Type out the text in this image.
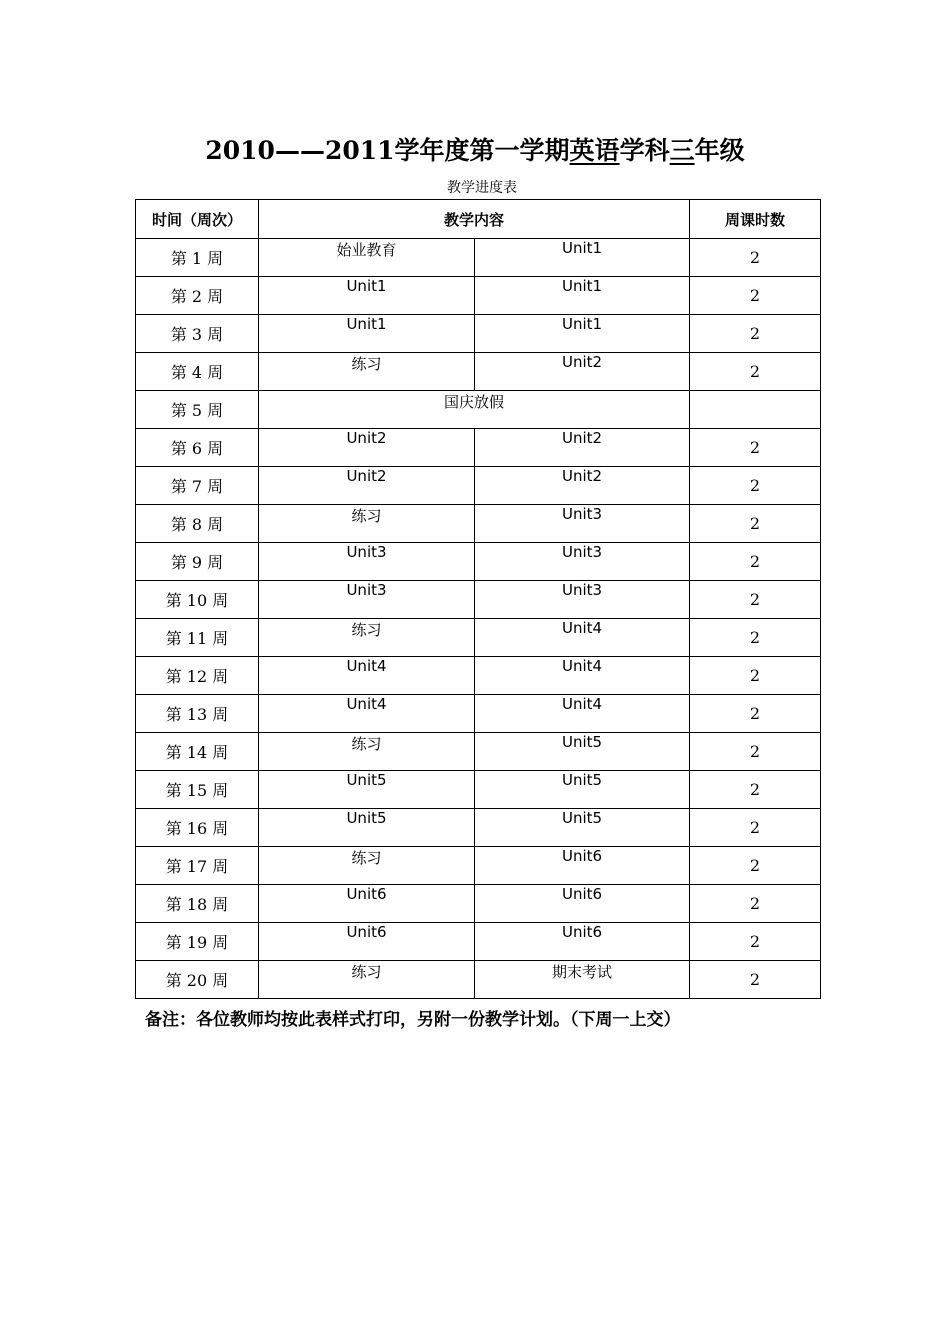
2010——2011学年度第一学期英语学科三年级
教学进度表
时间（周次）	教学内容		周课时数
第 1 周	始业教育	Unit1	2
第 2 周	Unit1	Unit1	2
第 3 周	Unit1	Unit1	2
第 4 周	练习	Unit2	2
第 5 周	国庆放假		
第 6 周	Unit2	Unit2	2
第 7 周	Unit2	Unit2	2
第 8 周	练习	Unit3	2
第 9 周	Unit3	Unit3	2
第 10 周	Unit3	Unit3	2
第 11 周	练习	Unit4	2
第 12 周	Unit4	Unit4	2
第 13 周	Unit4	Unit4	2
第 14 周	练习	Unit5	2
第 15 周	Unit5	Unit5	2
第 16 周	Unit5	Unit5	2
第 17 周	练习	Unit6	2
第 18 周	Unit6	Unit6	2
第 19 周	Unit6	Unit6	2
第 20 周	练习	期末考试	2
备注：各位教师均按此表样式打印，另附一份教学计划。（下周一上交）
